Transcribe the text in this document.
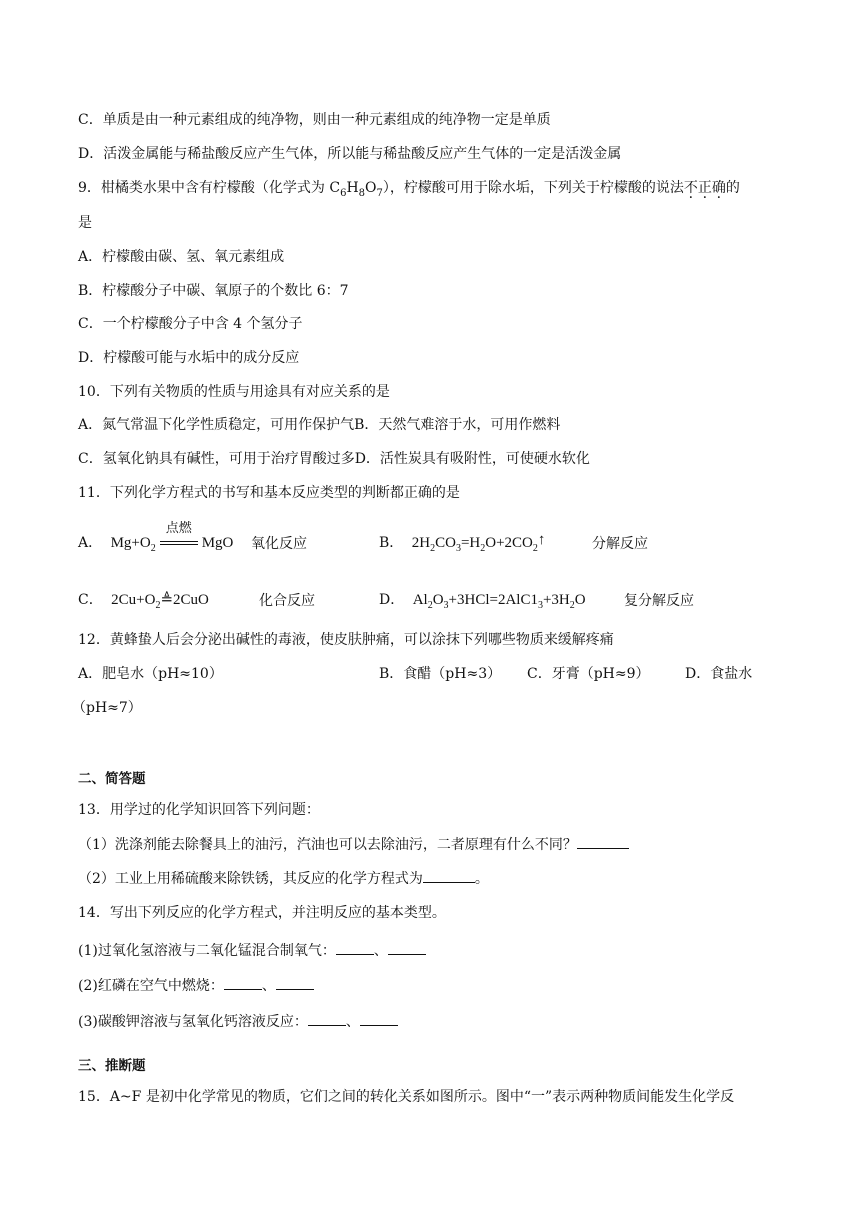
C．单质是由一种元素组成的纯净物，则由一种元素组成的纯净物一定是单质
D．活泼金属能与稀盐酸反应产生气体，所以能与稀盐酸反应产生气体的一定是活泼金属
9．柑橘类水果中含有柠檬酸（化学式为 $C_6H_8O_7$），柠檬酸可用于除水垢，下列关于柠檬酸的说法不正确的
是
A．柠檬酸由碳、氢、氧元素组成
B．柠檬酸分子中碳、氧原子的个数比 6：7
C．一个柠檬酸分子中含 4 个氢分子
D．柠檬酸可能与水垢中的成分反应
10．下列有关物质的性质与用途具有对应关系的是
A．氮气常温下化学性质稳定，可用作保护气B．天然气难溶于水，可用作燃料
C．氢氧化钠具有碱性，可用于治疗胃酸过多D．活性炭具有吸附性，可使硬水软化
11．下列化学方程式的书写和基本反应类型的判断都正确的是
A． $Mg+O_2$
点燃
MgO 氧化反应	B． $2H_2CO_3=H_2O+2CO_2↑$	分解反应
C． $2Cu+O_2≜2CuO$	化合反应	D． $Al_2O_3+3HCl=2AlC1_3+3H_2O$	复分解反应
12．黄蜂蛰人后会分泌出碱性的毒液，使皮肤肿痛，可以涂抹下列哪些物质来缓解疼痛
A．肥皂水（pH≈10）	B．食醋（pH≈3） C．牙膏（pH≈9）	D．食盐水
（pH≈7）
二、简答题
13．用学过的化学知识回答下列问题：
（1）洗涤剂能去除餐具上的油污，汽油也可以去除油污，二者原理有什么不同？
（2）工业上用稀硫酸来除铁锈，其反应的化学方程式为	。
14．写出下列反应的化学方程式，并注明反应的基本类型。
(1)过氧化氢溶液与二氧化锰混合制氧气：	、
(2)红磷在空气中燃烧：	、
(3)碳酸钾溶液与氢氧化钙溶液反应：	、
三、推断题
15．A~F 是初中化学常见的物质，它们之间的转化关系如图所示。图中“一”表示两种物质间能发生化学反
